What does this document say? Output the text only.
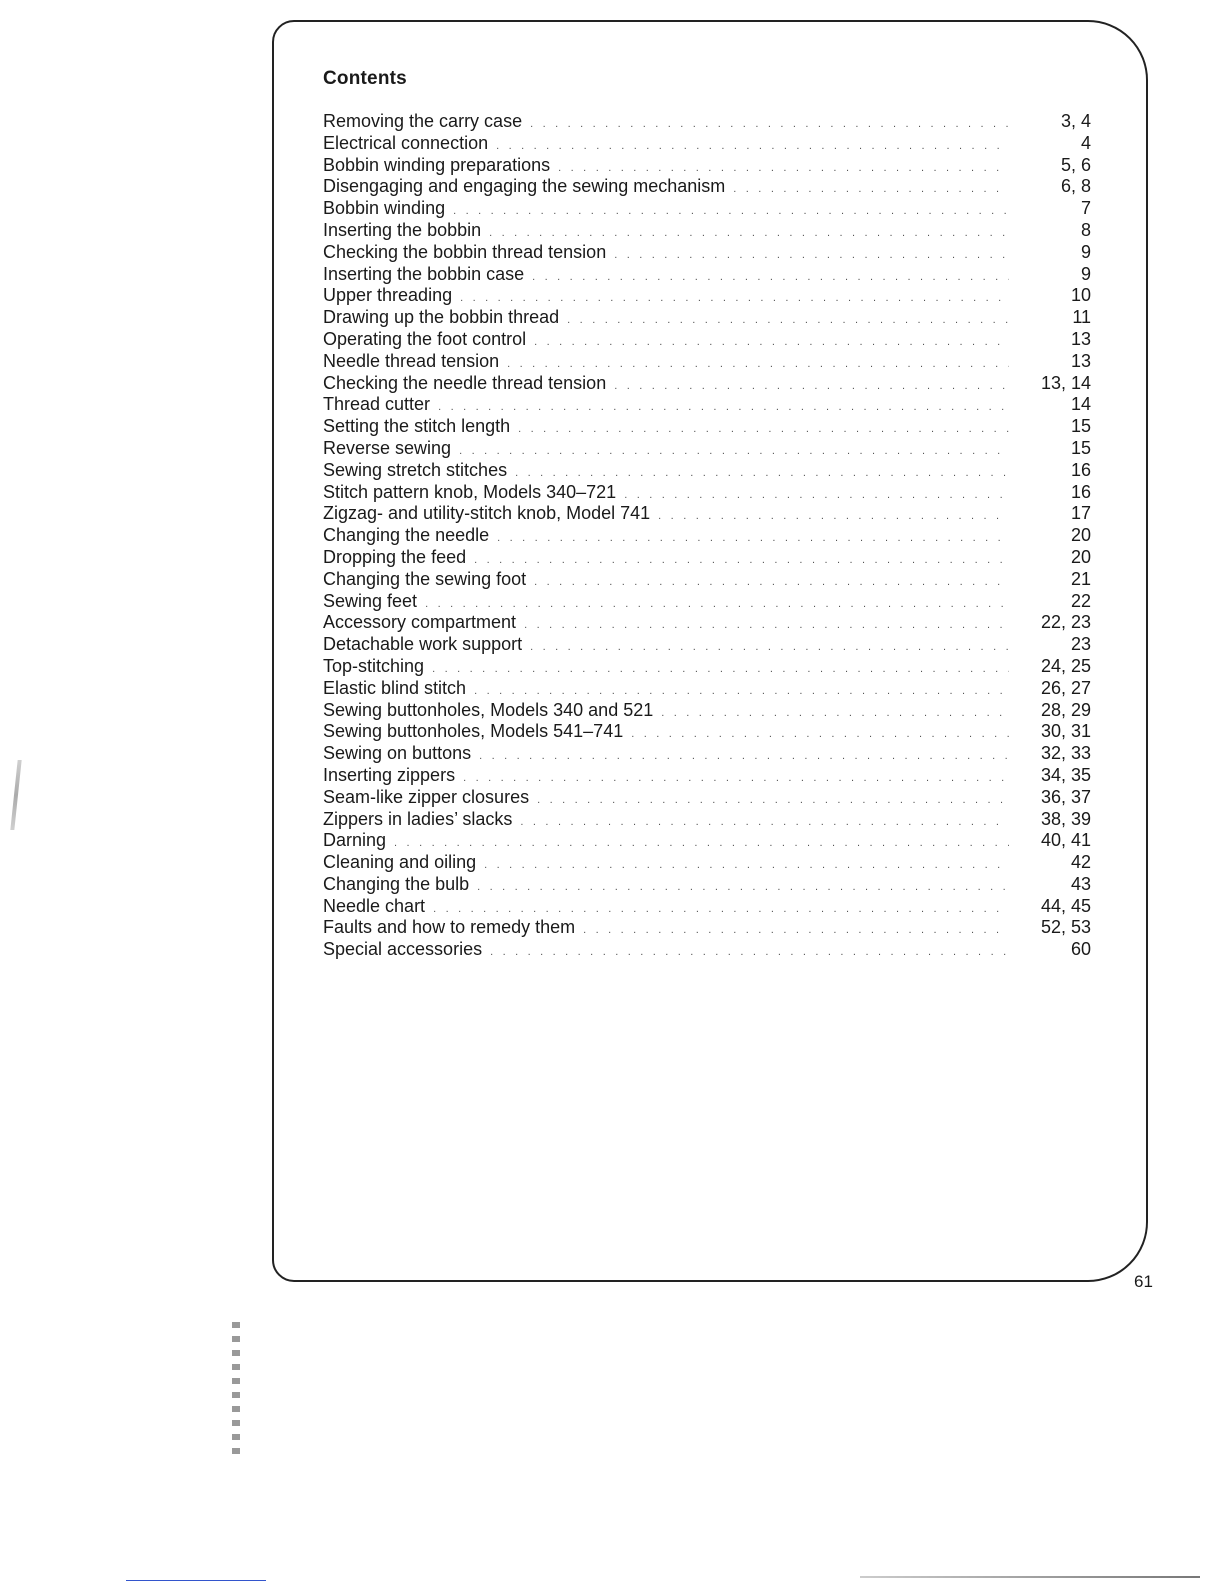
Contents
Removing the carry case . . .	3, 4
Electrical connection . . .	4
Bobbin winding preparations . . .	5, 6
Disengaging and engaging the sewing mechanism . . .	6, 8
Bobbin winding . . .	7
Inserting the bobbin . . .	8
Checking the bobbin thread tension . . .	9
Inserting the bobbin case . . .	9
Upper threading . . .	10
Drawing up the bobbin thread . . .	11
Operating the foot control . . .	13
Needle thread tension . . .	13
Checking the needle thread tension . . .	13, 14
Thread cutter . . .	14
Setting the stitch length . . .	15
Reverse sewing . . .	15
Sewing stretch stitches . . .	16
Stitch pattern knob, Models 340–721 . . .	16
Zigzag- and utility-stitch knob, Model 741 . . .	17
Changing the needle . . .	20
Dropping the feed . . .	20
Changing the sewing foot . . .	21
Sewing feet . . .	22
Accessory compartment . . .	22, 23
Detachable work support . . .	23
Top-stitching . . .	24, 25
Elastic blind stitch . . .	26, 27
Sewing buttonholes, Models 340 and 521 . . .	28, 29
Sewing buttonholes, Models 541–741 . . .	30, 31
Sewing on buttons . . .	32, 33
Inserting zippers . . .	34, 35
Seam-like zipper closures . . .	36, 37
Zippers in ladies’ slacks . . .	38, 39
Darning . . .	40, 41
Cleaning and oiling . . .	42
Changing the bulb . . .	43
Needle chart . . .	44, 45
Faults and how to remedy them . . .	52, 53
Special accessories . . .	60
61
